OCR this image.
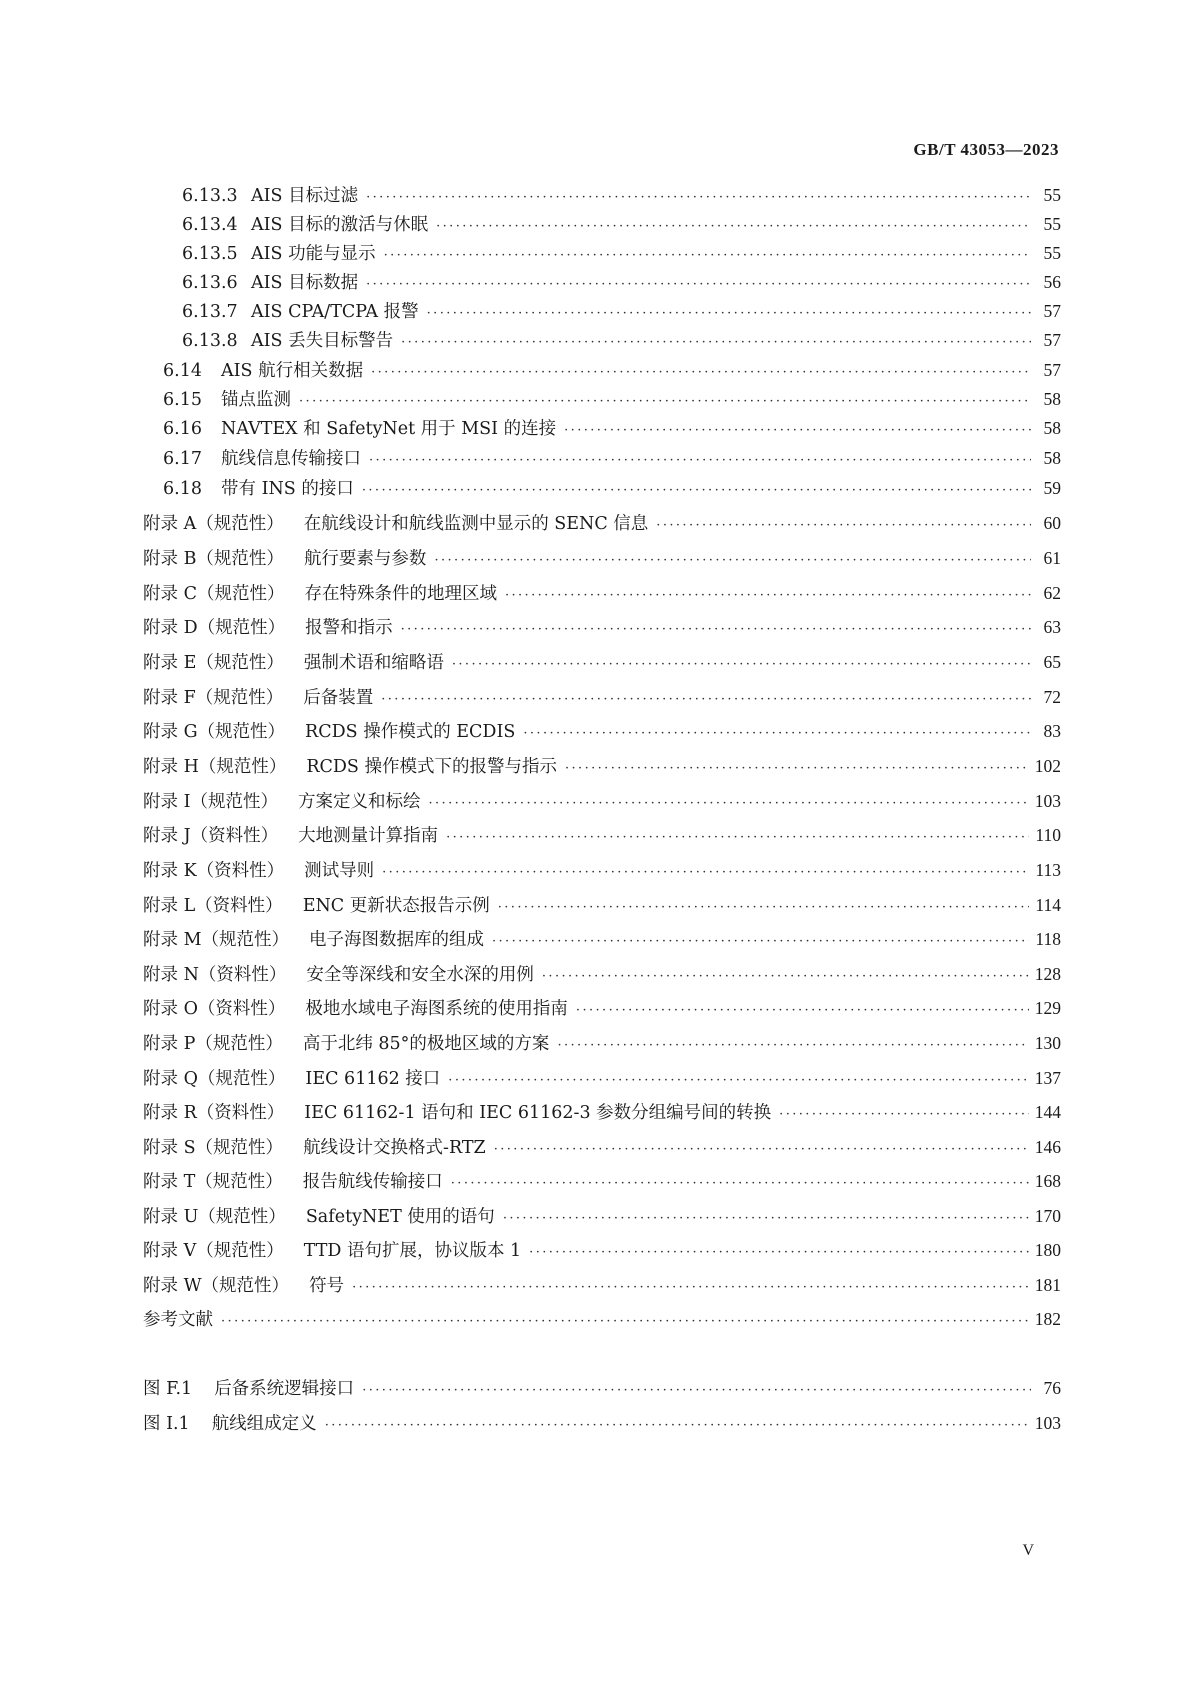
GB/T 43053—2023
6.13.3 AIS 目标过滤 ·····	55
6.13.4 AIS 目标的激活与休眠 ·····	55
6.13.5 AIS 功能与显示 ·····	55
6.13.6 AIS 目标数据 ·····	56
6.13.7 AIS CPA/TCPA 报警 ·····	57
6.13.8 AIS 丢失目标警告 ·····	57
6.14	AIS 航行相关数据 ·····	57
6.15	锚点监测 ·····	58
6.16	NAVTEX 和 SafetyNet 用于 MSI 的连接 ·····	58
6.17	航线信息传输接口 ·····	58
6.18	带有 INS 的接口 ·····	59
附录 A（规范性） 在航线设计和航线监测中显示的 SENC 信息 ·····	60
附录 B（规范性） 航行要素与参数 ·····	61
附录 C（规范性） 存在特殊条件的地理区域 ·····	62
附录 D（规范性） 报警和指示 ·····	63
附录 E（规范性） 强制术语和缩略语 ·····	65
附录 F（规范性） 后备装置 ·····	72
附录 G（规范性） RCDS 操作模式的 ECDIS ·····	83
附录 H（规范性） RCDS 操作模式下的报警与指示 ·····	102
附录 I（规范性） 方案定义和标绘 ·····	103
附录 J（资料性） 大地测量计算指南 ·····	110
附录 K（资料性） 测试导则 ·····	113
附录 L（资料性） ENC 更新状态报告示例 ·····	114
附录 M（规范性） 电子海图数据库的组成 ·····	118
附录 N（资料性） 安全等深线和安全水深的用例 ·····	128
附录 O（资料性） 极地水域电子海图系统的使用指南 ·····	129
附录 P（规范性） 高于北纬 85°的极地区域的方案 ·····	130
附录 Q（规范性） IEC 61162 接口 ·····	137
附录 R（资料性） IEC 61162-1 语句和 IEC 61162-3 参数分组编号间的转换 ·····	144
附录 S（规范性） 航线设计交换格式-RTZ ·····	146
附录 T（规范性） 报告航线传输接口 ·····	168
附录 U（规范性） SafetyNET 使用的语句 ·····	170
附录 V（规范性） TTD 语句扩展，协议版本 1 ·····	180
附录 W（规范性） 符号 ·····	181
参考文献 ·····	182
图 F.1 后备系统逻辑接口 ·····	76
图 I.1 航线组成定义 ·····	103
V
